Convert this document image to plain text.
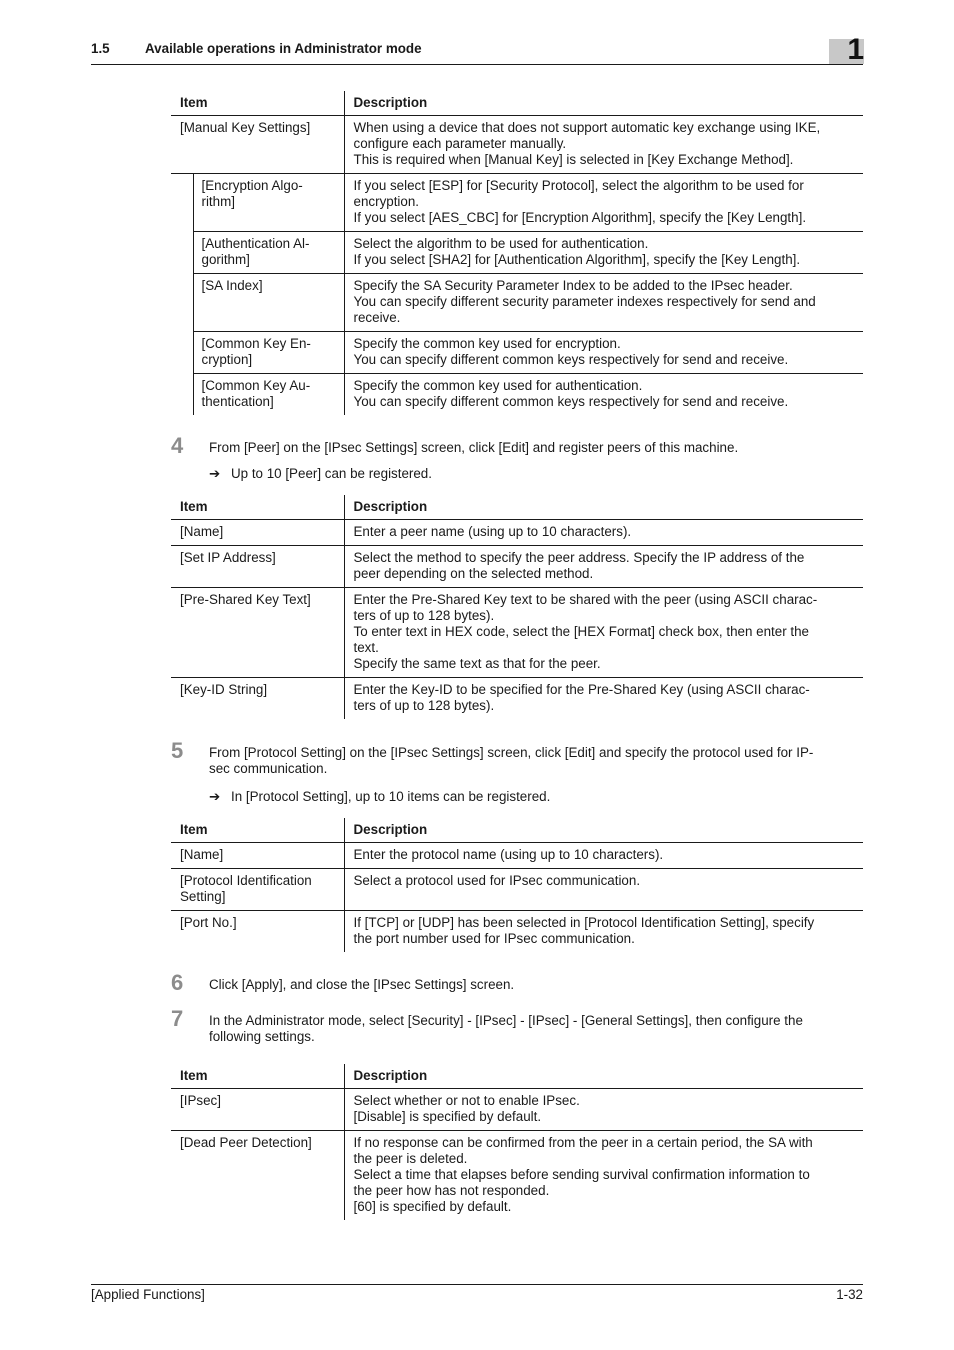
1.5	Available operations in Administrator mode	1
Item		Description
[Manual Key Settings]		When using a device that does not support automatic key exchange using IKE,
configure each parameter manually.
This is required when [Manual Key] is selected in [Key Exchange Method].
	[Encryption Algo-
rithm]	If you select [ESP] for [Security Protocol], select the algorithm to be used for
encryption.
If you select [AES_CBC] for [Encryption Algorithm], specify the [Key Length].
	[Authentication Al-
gorithm]	Select the algorithm to be used for authentication.
If you select [SHA2] for [Authentication Algorithm], specify the [Key Length].
	[SA Index]	Specify the SA Security Parameter Index to be added to the IPsec header.
You can specify different security parameter indexes respectively for send and
receive.
	[Common Key En-
cryption]	Specify the common key used for encryption.
You can specify different common keys respectively for send and receive.
	[Common Key Au-
thentication]	Specify the common key used for authentication.
You can specify different common keys respectively for send and receive.
4 From [Peer] on the [IPsec Settings] screen, click [Edit] and register peers of this machine.
➔ Up to 10 [Peer] can be registered.
Item	Description
[Name]	Enter a peer name (using up to 10 characters).
[Set IP Address]	Select the method to specify the peer address. Specify the IP address of the
peer depending on the selected method.
[Pre-Shared Key Text]	Enter the Pre-Shared Key text to be shared with the peer (using ASCII charac-
ters of up to 128 bytes).
To enter text in HEX code, select the [HEX Format] check box, then enter the
text.
Specify the same text as that for the peer.
[Key-ID String]	Enter the Key-ID to be specified for the Pre-Shared Key (using ASCII charac-
ters of up to 128 bytes).
5 From [Protocol Setting] on the [IPsec Settings] screen, click [Edit] and specify the protocol used for IP-
sec communication.
➔ In [Protocol Setting], up to 10 items can be registered.
Item	Description
[Name]	Enter the protocol name (using up to 10 characters).
[Protocol Identification
Setting]	Select a protocol used for IPsec communication.
[Port No.]	If [TCP] or [UDP] has been selected in [Protocol Identification Setting], specify
the port number used for IPsec communication.
6 Click [Apply], and close the [IPsec Settings] screen.
7 In the Administrator mode, select [Security] - [IPsec] - [IPsec] - [General Settings], then configure the
following settings.
Item	Description
[IPsec]	Select whether or not to enable IPsec.
[Disable] is specified by default.
[Dead Peer Detection]	If no response can be confirmed from the peer in a certain period, the SA with
the peer is deleted.
Select a time that elapses before sending survival confirmation information to
the peer how has not responded.
[60] is specified by default.
[Applied Functions]	1-32
